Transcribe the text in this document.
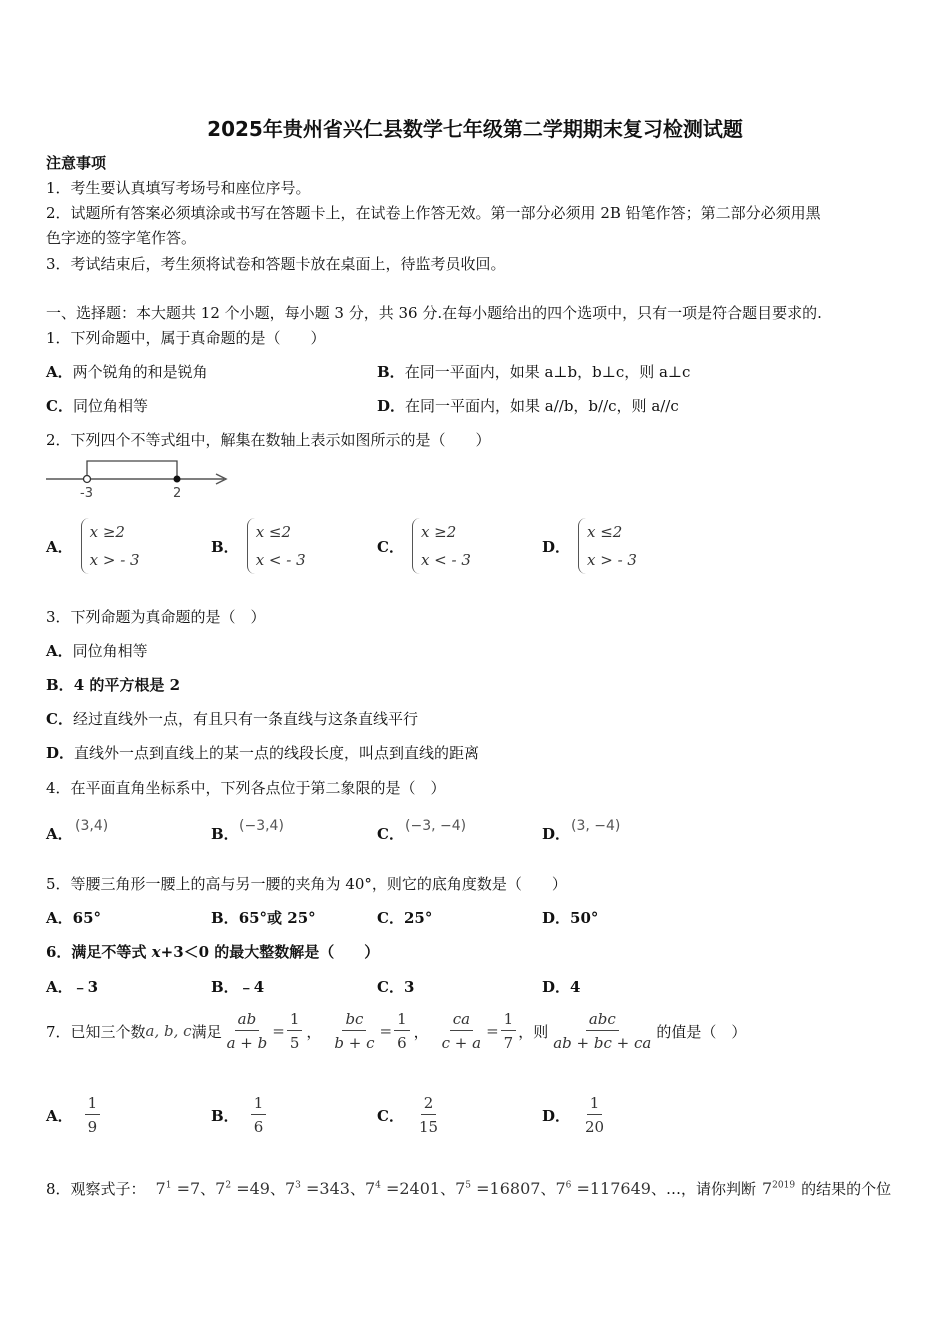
2025年贵州省兴仁县数学七年级第二学期期末复习检测试题
注意事项
1．考生要认真填写考场号和座位序号。
2．试题所有答案必须填涂或书写在答题卡上，在试卷上作答无效。第一部分必须用 2B 铅笔作答；第二部分必须用黑
色字迹的签字笔作答。
3．考试结束后，考生须将试卷和答题卡放在桌面上，待监考员收回。
一、选择题：本大题共 12 个小题，每小题 3 分，共 36 分.在每小题给出的四个选项中，只有一项是符合题目要求的.
1．下列命题中，属于真命题的是（　　）
A．两个锐角的和是锐角	B．在同一平面内，如果 a⊥b，b⊥c，则 a⊥c
C．同位角相等	D．在同一平面内，如果 a//b，b//c，则 a//c
2．下列四个不等式组中，解集在数轴上表示如图所示的是（　　）
-3	2
A．
x ≥2
x > - 3
B．
x ≤2
x < - 3
C．
x ≥2
x < - 3
D．
x ≤2
x > - 3
3．下列命题为真命题的是（　）
A．同位角相等
B．4 的平方根是 2
C．经过直线外一点，有且只有一条直线与这条直线平行
D．直线外一点到直线上的某一点的线段长度，叫点到直线的距离
4．在平面直角坐标系中，下列各点位于第二象限的是（　）
A． (3,4)	B． (−3,4)	C． (−3, −4)	D． (3, −4)
5．等腰三角形一腰上的高与另一腰的夹角为 40°，则它的底角度数是（　　）
A．65°	B．65°或 25°	C．25°	D．50°
6．满足不等式 x+3＜0 的最大整数解是（　　）
A．﹣3	B．﹣4	C．3	D．4
7．已知三个数 a, b, c 满足 $\frac{ab}{a + b} = \frac{1}{5}$ ， $\frac{bc}{b + c} = \frac{1}{6}$ ， $\frac{ca}{c + a} = \frac{1}{7}$ ，则 $\frac{\text{abc}}{ab + bc + ca}$ 的值是（　）
A． $\frac{1}{9}$	B． $\frac{1}{6}$	C． $\frac{2}{15}$	D． $\frac{1}{20}$
8．观察式子： $7^1 =7$ 、 $7^2 =49$ 、 $7^3 =343$ 、 $7^4 =2401$ 、 $7^5 =16807$ 、 $7^6 =117649$ 、…，请你判断 $7^{2019}$ 的结果的个位
